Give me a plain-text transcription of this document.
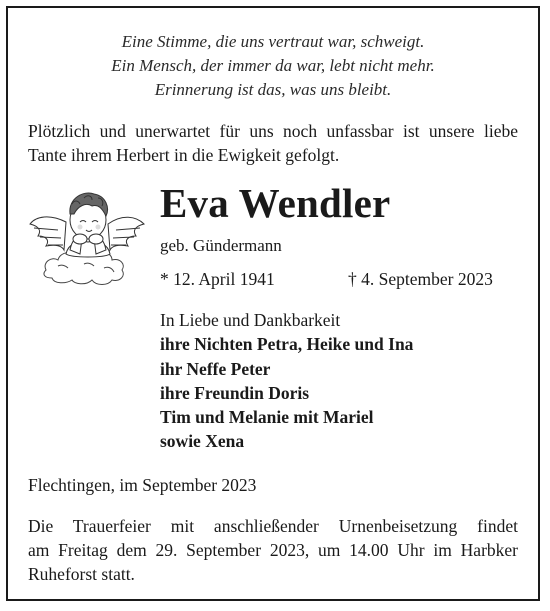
Eine Stimme, die uns vertraut war, schweigt.
Ein Mensch, der immer da war, lebt nicht mehr.
Erinnerung ist das, was uns bleibt.
Plötzlich und unerwartet für uns noch unfassbar ist unsere liebe
Tante ihrem Herbert in die Ewigkeit gefolgt.
Eva Wendler
geb. Gündermann
* 12. April 1941	† 4. September 2023
In Liebe und Dankbarkeit
ihre Nichten Petra, Heike und Ina
ihr Neffe Peter
ihre Freundin Doris
Tim und Melanie mit Mariel
sowie Xena
Flechtingen, im September 2023
Die Trauerfeier mit anschließender Urnenbeisetzung findet
am Freitag dem 29. September 2023, um 14.00 Uhr im Harbker
Ruheforst statt.
